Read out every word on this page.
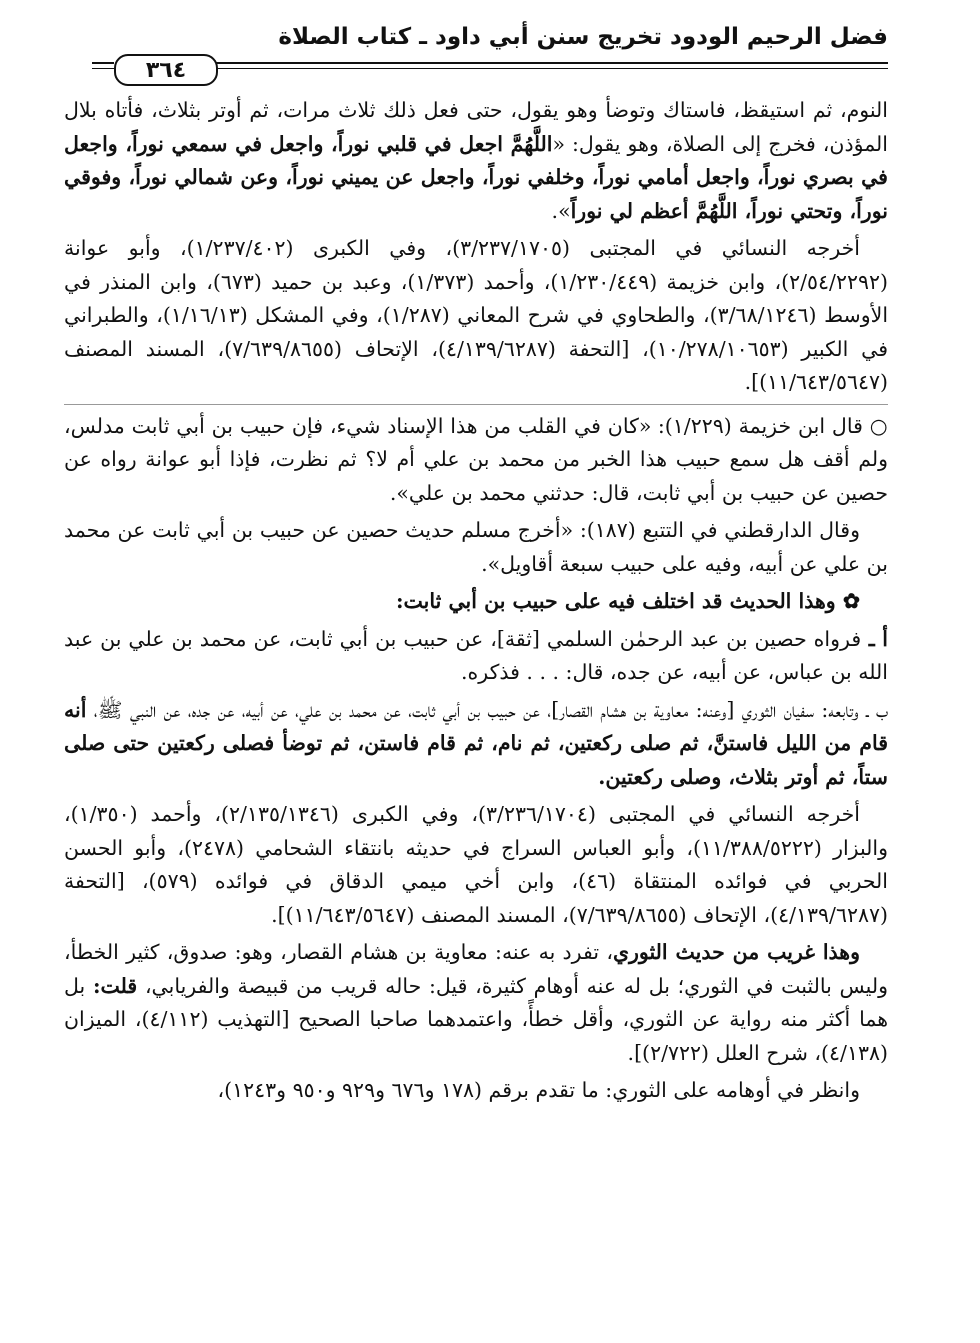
فضل الرحيم الودود تخريج سنن أبي داود ـ كتاب الصلاة
٣٦٤

النوم، ثم استيقظ، فاستاك وتوضأ وهو يقول، حتى فعل ذلك ثلاث مرات، ثم أوتر بثلاث، فأتاه بلال المؤذن، فخرج إلى الصلاة، وهو يقول: «اللَّهُمَّ اجعل في قلبي نوراً، واجعل في سمعي نوراً، واجعل في بصري نوراً، واجعل أمامي نوراً، وخلفي نوراً، واجعل عن يميني نوراً، وعن شمالي نوراً، وفوقي نوراً، وتحتي نوراً، اللَّهُمَّ أعظم لي نوراً».

أخرجه النسائي في المجتبى (٣/٢٣٧/١٧٠٥)، وفي الكبرى (١/٢٣٧/٤٠٢)، وأبو عوانة (٢/٥٤/٢٢٩٢)، وابن خزيمة (١/٢٣٠/٤٤٩)، وأحمد (١/٣٧٣)، وعبد بن حميد (٦٧٣)، وابن المنذر في الأوسط (٣/٦٨/١٢٤٦)، والطحاوي في شرح المعاني (١/٢٨٧)، وفي المشكل (١/١٦/١٣)، والطبراني في الكبير (١٠/٢٧٨/١٠٦٥٣)، [التحفة (٤/١٣٩/٦٢٨٧)، الإتحاف (٧/٦٣٩/٨٦٥٥)، المسند المصنف (١١/٦٤٣/٥٦٤٧)].

○ قال ابن خزيمة (١/٢٢٩): «كان في القلب من هذا الإسناد شيء، فإن حبيب بن أبي ثابت مدلس، ولم أقف هل سمع حبيب هذا الخبر من محمد بن علي أم لا؟ ثم نظرت، فإذا أبو عوانة رواه عن حصين عن حبيب بن أبي ثابت، قال: حدثني محمد بن علي».

وقال الدارقطني في التتبع (١٨٧): «أخرج مسلم حديث حصين عن حبيب بن أبي ثابت عن محمد بن علي عن أبيه، وفيه على حبيب سبعة أقاويل».

✿ وهذا الحديث قد اختلف فيه على حبيب بن أبي ثابت:

أ ـ فرواه حصين بن عبد الرحمٰن السلمي [ثقة]، عن حبيب بن أبي ثابت، عن محمد بن علي بن عبد الله بن عباس، عن أبيه، عن جده، قال: . . . فذكره.

ب ـ وتابعه: سفيان الثوري [وعنه: معاوية بن هشام القصار]، عن حبيب بن أبي ثابت، عن محمد بن علي، عن أبيه، عن جده، عن النبي ﷺ، أنه قام من الليل فاستنَّ، ثم صلى ركعتين، ثم نام، ثم قام فاستن، ثم توضأ فصلى ركعتين حتى صلى ستاً، ثم أوتر بثلاث، وصلى ركعتين.

أخرجه النسائي في المجتبى (٣/٢٣٦/١٧٠٤)، وفي الكبرى (٢/١٣٥/١٣٤٦)، وأحمد (١/٣٥٠)، والبزار (١١/٣٨٨/٥٢٢٢)، وأبو العباس السراج في حديثه بانتقاء الشحامي (٢٤٧٨)، وأبو الحسن الحربي في فوائده المنتقاة (٤٦)، وابن أخي ميمي الدقاق في فوائده (٥٧٩)، [التحفة (٤/١٣٩/٦٢٨٧)، الإتحاف (٧/٦٣٩/٨٦٥٥)، المسند المصنف (١١/٦٤٣/٥٦٤٧)].

وهذا غريب من حديث الثوري، تفرد به عنه: معاوية بن هشام القصار، وهو: صدوق، كثير الخطأ، وليس بالثبت في الثوري؛ بل له عنه أوهام كثيرة، قيل: حاله قريب من قبيصة والفريابي، قلت: بل هما أكثر منه رواية عن الثوري، وأقل خطأً، واعتمدهما صاحبا الصحيح [التهذيب (٤/١١٢)، الميزان (٤/١٣٨)، شرح العلل (٢/٧٢٢)].

وانظر في أوهامه على الثوري: ما تقدم برقم (١٧٨ و٦٧٦ و٩٢٩ و٩٥٠ و١٢٤٣)،
